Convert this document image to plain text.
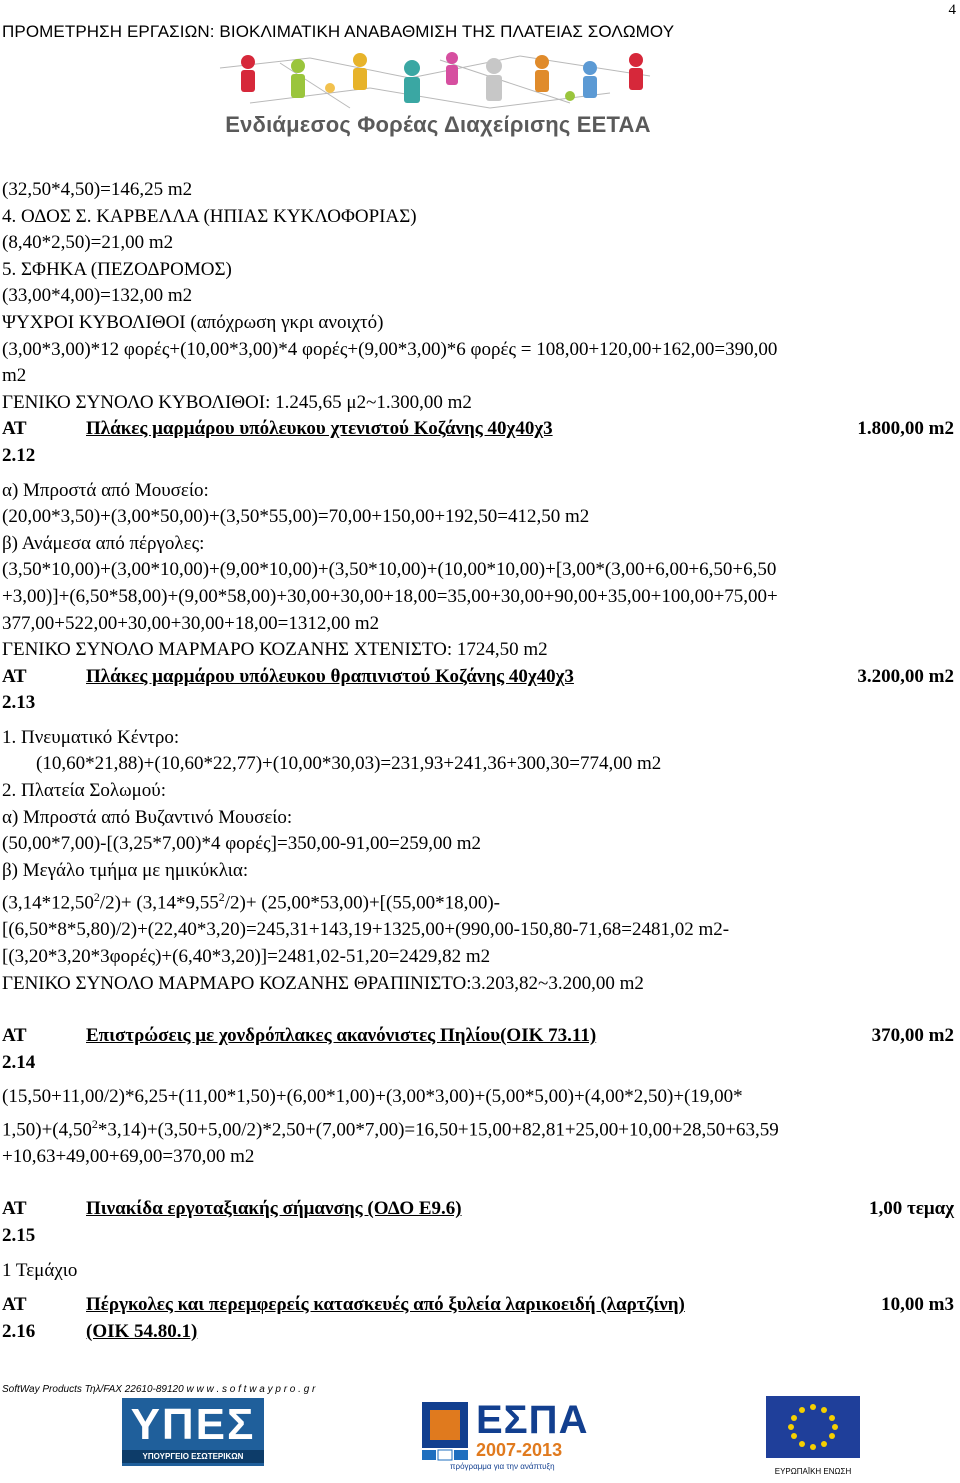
4
ΠΡΟΜΕΤΡΗΣΗ ΕΡΓΑΣΙΩΝ: ΒΙΟΚΛΙΜΑΤΙΚΗ ΑΝΑΒΑΘΜΙΣΗ ΤΗΣ ΠΛΑΤΕΙΑΣ ΣΟΛΩΜΟΥ
Ενδιάμεσος Φορέας Διαχείρισης ΕΕΤΑΑ
(32,50*4,50)=146,25 m2
4. ΟΔΟΣ Σ. ΚΑΡΒΕΛΛΑ (ΗΠΙΑΣ ΚΥΚΛΟΦΟΡΙΑΣ)
(8,40*2,50)=21,00 m2
5. ΣΦΗΚΑ (ΠΕΖΟΔΡΟΜΟΣ)
(33,00*4,00)=132,00 m2
ΨΥΧΡΟΙ ΚΥΒΟΛΙΘΟΙ (απόχρωση γκρι ανοιχτό)
(3,00*3,00)*12 φορές+(10,00*3,00)*4 φορές+(9,00*3,00)*6 φορές = 108,00+120,00+162,00=390,00
m2
ΓΕΝΙΚΟ ΣΥΝΟΛΟ ΚΥΒΟΛΙΘΟΙ: 1.245,65 μ2~1.300,00 m2
ΑΤ	Πλάκες μαρμάρου υπόλευκου χτενιστού Κοζάνης 40χ40χ3	1.800,00 m2
2.12
α) Μπροστά από Μουσείο:
(20,00*3,50)+(3,00*50,00)+(3,50*55,00)=70,00+150,00+192,50=412,50 m2
β) Ανάμεσα από πέργολες:
(3,50*10,00)+(3,00*10,00)+(9,00*10,00)+(3,50*10,00)+(10,00*10,00)+[3,00*(3,00+6,00+6,50+6,50
+3,00)]+(6,50*58,00)+(9,00*58,00)+30,00+30,00+18,00=35,00+30,00+90,00+35,00+100,00+75,00+
377,00+522,00+30,00+30,00+18,00=1312,00 m2
ΓΕΝΙΚΟ ΣΥΝΟΛΟ ΜΑΡΜΑΡΟ ΚΟΖΑΝΗΣ ΧΤΕΝΙΣΤΟ: 1724,50 m2
ΑΤ	Πλάκες μαρμάρου υπόλευκου θραπινιστού Κοζάνης 40χ40χ3	3.200,00 m2
2.13
1. Πνευματικό Κέντρο:
(10,60*21,88)+(10,60*22,77)+(10,00*30,03)=231,93+241,36+300,30=774,00 m2
2. Πλατεία Σολωμού:
α) Μπροστά από Βυζαντινό Μουσείο:
(50,00*7,00)-[(3,25*7,00)*4 φορές]=350,00-91,00=259,00 m2
β) Μεγάλο τμήμα με ημικύκλια:
$(3,14*12,50^2/2)+ (3,14*9,55^2/2)+ (25,00*53,00)+[(55,00*18,00)-$
[(6,50*8*5,80)/2)+(22,40*3,20)=245,31+143,19+1325,00+(990,00-150,80-71,68=2481,02 m2-
[(3,20*3,20*3φορές)+(6,40*3,20)]=2481,02-51,20=2429,82 m2
ΓΕΝΙΚΟ ΣΥΝΟΛΟ ΜΑΡΜΑΡΟ ΚΟΖΑΝΗΣ ΘΡΑΠΙΝΙΣΤΟ:3.203,82~3.200,00 m2
ΑΤ	Επιστρώσεις με χονδρόπλακες ακανόνιστες Πηλίου(ΟΙΚ 73.11)	370,00 m2
2.14
(15,50+11,00/2)*6,25+(11,00*1,50)+(6,00*1,00)+(3,00*3,00)+(5,00*5,00)+(4,00*2,50)+(19,00*
$1,50)+(4,50^2*3,14)+(3,50+5,00/2)*2,50+(7,00*7,00)=16,50+15,00+82,81+25,00+10,00+28,50+63,59$
+10,63+49,00+69,00=370,00 m2
ΑΤ	Πινακίδα εργοταξιακής σήμανσης (ΟΔΟ Ε9.6)	1,00 τεμαχ
2.15
1 Τεμάχιο
ΑΤ	Πέργκολες και περεμφερείς κατασκευές από ξυλεία λαρικοειδή (λαρτζίνη)	10,00 m3
2.16	(ΟΙΚ 54.80.1)
SoftWay Products Τηλ/FAX 22610-89120 w w w . s o f t w a y p r o . g r
ΥΠΕΣ
ΥΠΟΥΡΓΕΙΟ ΕΣΩΤΕΡΙΚΩΝ
ΕΣΠΑ
2007-2013
πρόγραμμα για την ανάπτυξη
ΕΥΡΩΠΑΪΚΗ ΕΝΩΣΗ
